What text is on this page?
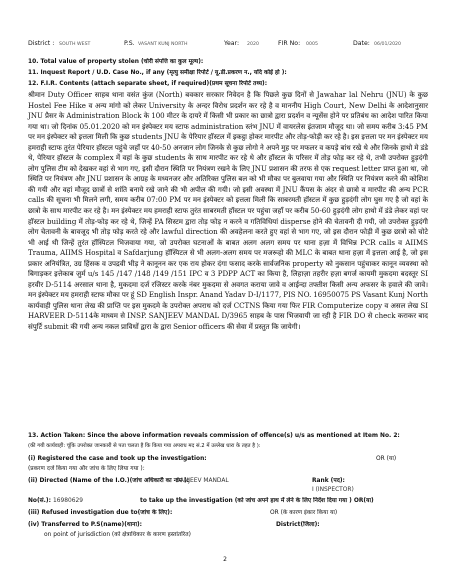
District : SOUTH WEST	P.S. VASANT KUNJ NORTH	Year: 2020	FIR No: 0005	Date: 06/01/2020
10. Total value of property stolen (चोरी संपत्ति का कुल मूल्य):
11. Inquest Report / U.D. Case No., if any (मृत्यु समीक्षा रिपोर्ट / यू.डी.प्रकरण न., यदि कोई हो ):
12. F.I.R. Contents (attach separate sheet, if required)(प्रथम सूचना रिपोर्ट तथ्य):
श्रीमान Duty Officer साहब थाना वसंत कुंज (North) बवकार सरकार निवेदन है कि पिछले कुछ दिनों से Jawahar lal Nehru (JNU) के कुछ Hostel Fee Hike व अन्य मांगो को लेकर University के अन्दर विरोध प्रदर्शन कर रहे है व माननीय High Court, New Delhi के आदेशानुसार JNU प्रैसर के Administration Block के 100 मीटर के दायरे में किसी भी प्रकार का छात्रो द्वारा प्रदर्शन व न्यूसेंस होने पर प्रतिबंध का आदेश पारित किया गया था। जो दिनांक 05.01.2020 को मन इंस्पेक्टर मय स्टाफ administration स्तंभ JNU में वायरलेस इंतजाम मौजूद था। जो समय करीब 3:45 PM पर मन इंस्पेक्टर को इत्तला मिली कि कुछ students JNU के पेरियार हॉस्टल में इकट्ठा होकर मारपीट और तोड़-फोड़ी कर रहे है। इस इत्तला पर मन इंस्पेक्टर मय हमराही स्टाफ तुरंत पेरियार हॉस्टल पहुंचे जहाँ पर 40-50 अनजान लोग जिनके से कुछ लोगो ने अपने मुह पर मफलर व कपड़े बांध रखे थे और जिनके हाथो मे डंडे थे, पेरियार हॉस्टल के complex में वहां के कुछ students के साथ मारपीट कर रहे थे और हॉस्टल के परिसर में तोड़ फोड़ कर रहे थे, तभी उपरोक्त हुड़दंगी लोग पुलिस टीम को देखकर वहां से भाग गए, इसी दौरान स्थिति पर नियंत्रण रखने के लिए JNU प्रशासन की तरफ से एक request letter प्राप्त हुआ था, जो स्थिति पर नियंत्रण और JNU प्रशासन के आग्रह के मध्यनजर और अतिरिक्त पुलिस बल को भी मौका पर बुलवाया गया और स्थिति पर नियंत्रण करने की कोशिश की गयी और वहां मौजूद छात्रों से शांति बनाये रखे जाने की भी अपील की गयी। जो इसी अवस्था में JNU कैंपस के अंदर से छात्रो व मारपीट की अन्य PCR calls की सूचना भी मिलने लगी, समय करीब 07:00 PM पर मन इंस्पेक्टर को इत्तला मिली कि साबरमती हॉस्टल में कुछ हुड़दंगी लोग घुस गए है जो वहां के छात्रो के साथ मारपीट कर रहे है। मन इंस्पेक्टर मय हमराही स्टाफ तुरंत साबरमती हॉस्टल पर पहुंचा जहाँ पर करीब 50-60 हुड़दंगी लोग हाथो में डंडे लेकर वहां पर हॉस्टल building में तोड़-फोड़ कर रहे थे, जिन्हें PA सिस्टम द्वारा तोड़ फोड़ न करने व गतिविधियां disperse होने की चेतावनी दी गयी, जो उपरोक्त हुड़दंगी लोग चेतावनी के बावजूद भी तोड़ फोड़ करते रहे और lawful direction की अवहेलना करते हुए वहां से भाग गए, जो इस दौरान फोड़ी में कुछ छात्रो को चोटे भी आई थी जिन्हें तुरंत हॉस्पिटल भिजवाया गया, जो उपरोक्त घटनाओं के बाबत अलग अलग समय पर थाना हज़ा में विभिन्न PCR calls व AIIMS Trauma, AIIMS Hospital व Safdarjung हॉस्पिटल से भी अलग-अलग समय पर मजरूहो की MLC के बाबत थाना हज़ा में इत्तला आई है, जो इस प्रकार अनियंत्रित, उग्र हिंसक व उपद्रवी भीड़ ने कानूनन कर एक राय होकर दंगा फसाद करके सार्वजनिक property को नुकसान पहुंचाकर कानून व्यवस्था को बिगाड़कर इत्तेकाब जुर्म u/s 145 /147 /148 /149 /151 IPC व 3 PDPP ACT का किया है, लिहाज़ा तहरीर हज़ा बगर्ज कायमी मुकदमा बदस्तूर SI हरवीर D-5114 अरसाल थाना है, मुकदमा दर्ज रजिस्टर करके नंबर मुकदमा से अवगत कराया जावे व आईन्दा तफ्तीश किसी अन्य अफसर के हवाले की जावे। मन इंस्पेक्टर मय हमराही स्टाफ मौका पर हूं SD English Inspr. Anand Yadav D-I/1177, PIS NO. 16950075 PS Vasant Kunj North कार्यवाही पुलिस थाना लेख की प्राप्ति पर इस मुकदमे के उपरोक्त अपराध को दर्ज CCTNS किया गया फिर FIR Computerize copy व असल लेख SI HARVEER D-5114के माध्यम से INSP. SANJEEV MANDAL D/3965 साहब के पास भिजवायी जा रही है FIR DO से check कराकर बाद संपुर्टि submit की गयी अन्य नकल प्राविधों द्वारा के द्वारा Senior officers की सेवा में प्रस्तुत कि जायेगी।
13. Action Taken: Since the above information reveals commission of offence(s) u/s as mentioned at Item No. 2:
(की गयी कार्यवाही: चूंकि उपरोक्त जानकारी से पता चलता है कि किया गया अपराध मद सं.2 में उल्लेख धारा के तहत है ):
(i) Registered the case and took up the investigation:	OR (या)
(प्रकरण दर्ज किया गया और जांच के लिए लिया गया ):
(ii) Directed (Name of the I.O.)(जांच अधिकारी का नाम ):
SANJEEV MANDAL	Rank (पद):
I (INSPECTOR)
No(सं.): 16980629	to take up the investigation (को जांच अपने हाथ में लेने के लिए निर्देश दिया गया ) OR(या)
(iii) Refused investigation due to(जांच के लिए):	OR (के कारण इंकार किया या)
(iv) Transferred to P.S(name)(थाना):	District(जिला):
on point of jurisdiction (को क्षेत्राधिकार के कारण हस्तांतरित)
2
